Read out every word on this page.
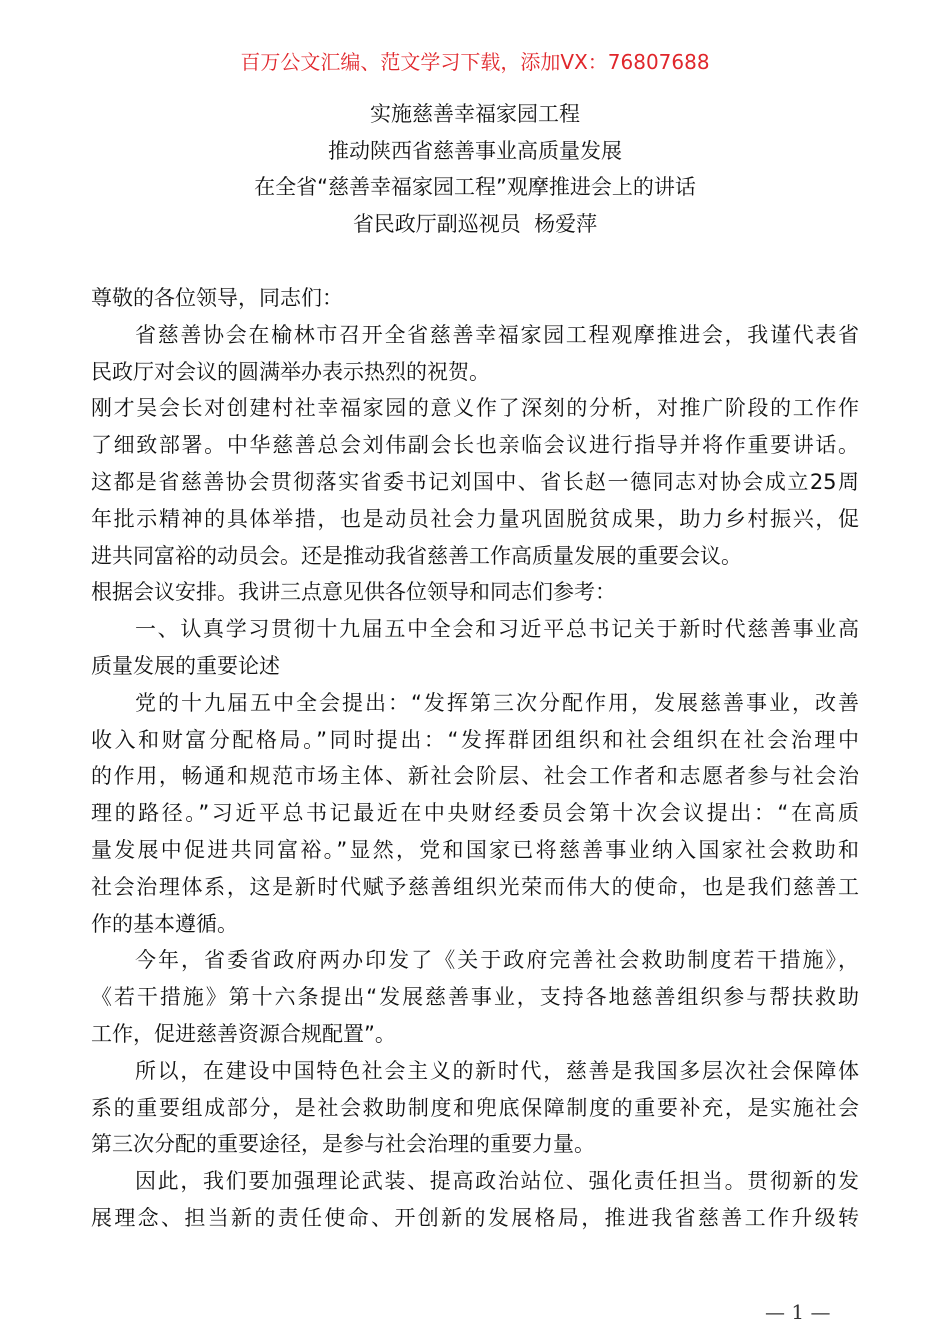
百万公文汇编、范文学习下载，添加VX：76807688
实施慈善幸福家园工程
推动陕西省慈善事业高质量发展
在全省“慈善幸福家园工程”观摩推进会上的讲话
省民政厅副巡视员  杨爱萍
尊敬的各位领导，同志们：
省慈善协会在榆林市召开全省慈善幸福家园工程观摩推进会，我谨代表省
民政厅对会议的圆满举办表示热烈的祝贺。
刚才吴会长对创建村社幸福家园的意义作了深刻的分析，对推广阶段的工作作
了细致部署。中华慈善总会刘伟副会长也亲临会议进行指导并将作重要讲话。
这都是省慈善协会贯彻落实省委书记刘国中、省长赵一德同志对协会成立25周
年批示精神的具体举措，也是动员社会力量巩固脱贫成果，助力乡村振兴，促
进共同富裕的动员会。还是推动我省慈善工作高质量发展的重要会议。
根据会议安排。我讲三点意见供各位领导和同志们参考：
一、认真学习贯彻十九届五中全会和习近平总书记关于新时代慈善事业高
质量发展的重要论述
党的十九届五中全会提出：“发挥第三次分配作用，发展慈善事业，改善
收入和财富分配格局。”同时提出：“发挥群团组织和社会组织在社会治理中
的作用，畅通和规范市场主体、新社会阶层、社会工作者和志愿者参与社会治
理的路径。”习近平总书记最近在中央财经委员会第十次会议提出：“在高质
量发展中促进共同富裕。”显然，党和国家已将慈善事业纳入国家社会救助和
社会治理体系，这是新时代赋予慈善组织光荣而伟大的使命，也是我们慈善工
作的基本遵循。
今年，省委省政府两办印发了《关于政府完善社会救助制度若干措施》，
《若干措施》第十六条提出“发展慈善事业，支持各地慈善组织参与帮扶救助
工作，促进慈善资源合规配置”。
所以，在建设中国特色社会主义的新时代，慈善是我国多层次社会保障体
系的重要组成部分，是社会救助制度和兜底保障制度的重要补充，是实施社会
第三次分配的重要途径，是参与社会治理的重要力量。
因此，我们要加强理论武装、提高政治站位、强化责任担当。贯彻新的发
展理念、担当新的责任使命、开创新的发展格局，推进我省慈善工作升级转
— 1 —
